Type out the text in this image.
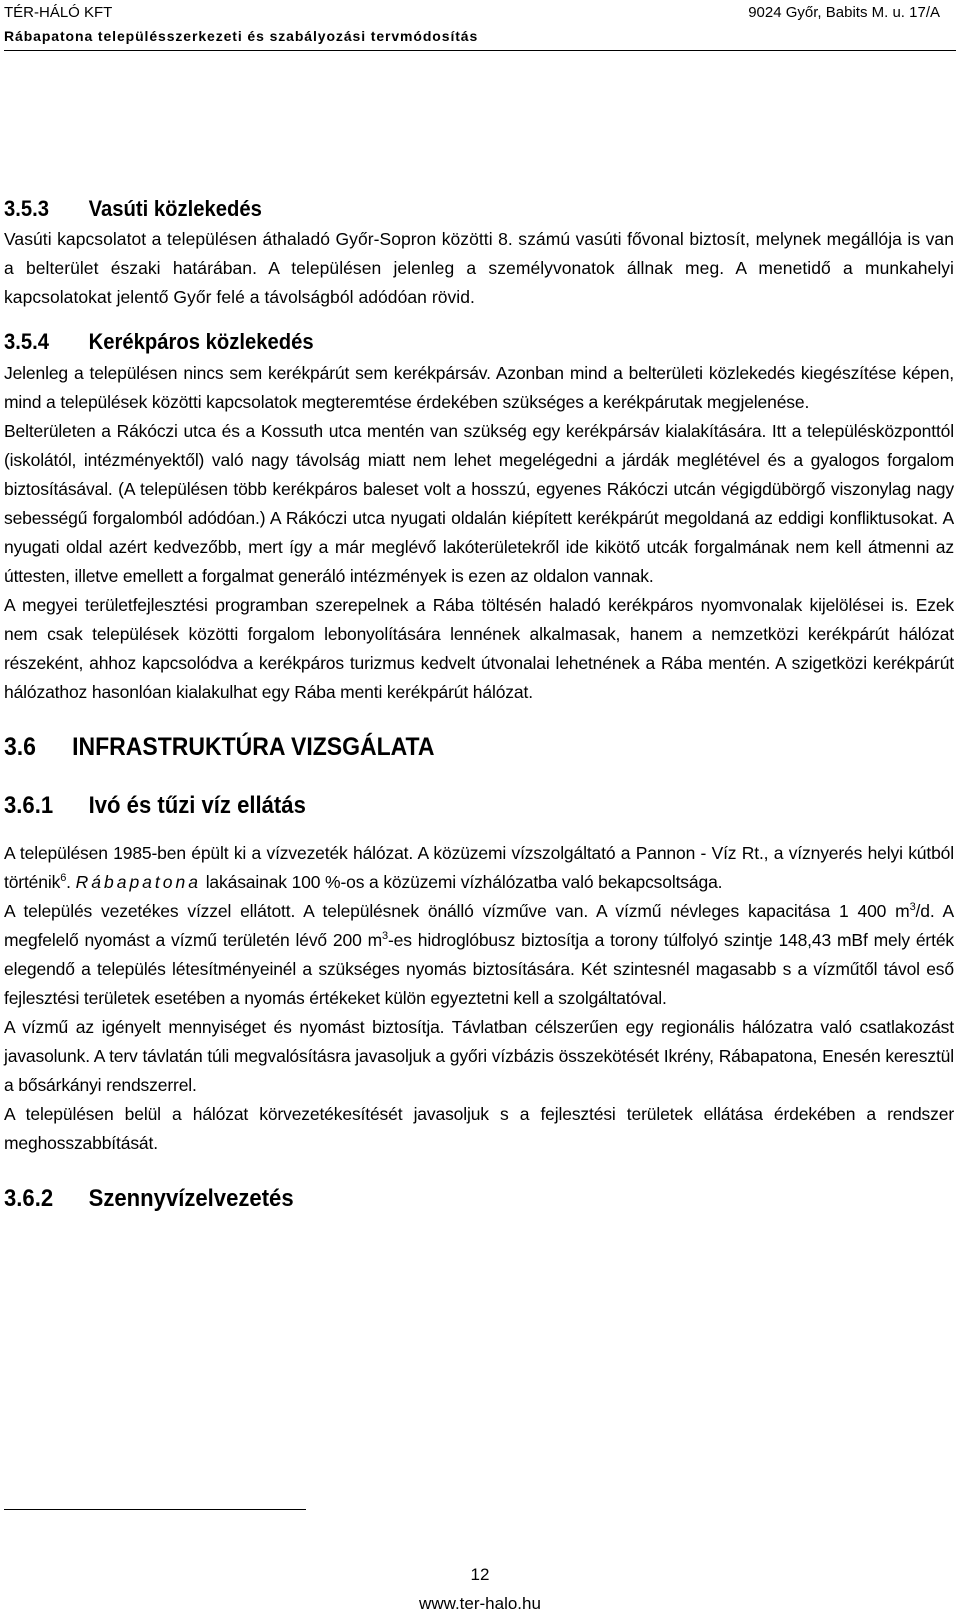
TÉR-HÁLÓ KFT	9024 Győr, Babits M. u. 17/A
Rábapatona településszerkezeti és szabályozási tervmódosítás
3.5.3	Vasúti közlekedés

Vasúti kapcsolatot a településen áthaladó Győr-Sopron közötti 8. számú vasúti fővonal biztosít, melynek megállója is van a belterület északi határában. A településen jelenleg a személyvonatok állnak meg. A menetidő a munkahelyi kapcsolatokat jelentő Győr felé a távolságból adódóan rövid.

3.5.4	Kerékpáros közlekedés

Jelenleg a településen nincs sem kerékpárút sem kerékpársáv. Azonban mind a belterületi közlekedés kiegészítése képen, mind a települések közötti kapcsolatok megteremtése érdekében szükséges a kerékpárutak megjelenése.

Belterületen a Rákóczi utca és a Kossuth utca mentén van szükség egy kerékpársáv kialakítására. Itt a településközponttól (iskolától, intézményektől) való nagy távolság miatt nem lehet megelégedni a járdák meglétével és a gyalogos forgalom biztosításával. (A településen több kerékpáros baleset volt a hosszú, egyenes Rákóczi utcán végigdübörgő viszonylag nagy sebességű forgalomból adódóan.) A Rákóczi utca nyugati oldalán kiépített kerékpárút megoldaná az eddigi konfliktusokat. A nyugati oldal azért kedvezőbb, mert így a már meglévő lakóterületekről ide kikötő utcák forgalmának nem kell átmenni az úttesten, illetve emellett a forgalmat generáló intézmények is ezen az oldalon vannak.

A megyei területfejlesztési programban szerepelnek a Rába töltésén haladó kerékpáros nyomvonalak kijelölései is. Ezek nem csak települések közötti forgalom lebonyolítására lennének alkalmasak, hanem a nemzetközi kerékpárút hálózat részeként, ahhoz kapcsolódva a kerékpáros turizmus kedvelt útvonalai lehetnének a Rába mentén. A szigetközi kerékpárút hálózathoz hasonlóan kialakulhat egy Rába menti kerékpárút hálózat.

3.6	INFRASTRUKTÚRA VIZSGÁLATA
3.6.1	Ivó és tűzi víz ellátás

A településen 1985-ben épült ki a vízvezeték hálózat. A közüzemi vízszolgáltató a Pannon - Víz Rt., a víznyerés helyi kútból történik$^6$. Rábapatona lakásainak 100 %-os a közüzemi vízhálózatba való bekapcsoltsága.

A település vezetékes vízzel ellátott. A településnek önálló vízműve van. A vízmű névleges kapacitása 1 400 $m^3/d$. A megfelelő nyomást a vízmű területén lévő 200 $m^3-es$ hidroglóbusz biztosítja a torony túlfolyó szintje 148,43 mBf mely érték elegendő a település létesítményeinél a szükséges nyomás biztosítására. Két szintesnél magasabb s a vízműtől távol eső fejlesztési területek esetében a nyomás értékeket külön egyeztetni kell a szolgáltatóval.

A vízmű az igényelt mennyiséget és nyomást biztosítja. Távlatban célszerűen egy regionális hálózatra való csatlakozást javasolunk. A terv távlatán túli megvalósításra javasoljuk a győri vízbázis összekötését Ikrény, Rábapatona, Enesén keresztül a bősárkányi rendszerrel.

A településen belül a hálózat körvezetékesítését javasoljuk s a fejlesztési területek ellátása érdekében a rendszer meghosszabbítását.

3.6.2	Szennyvízelvezetés
12
www.ter-halo.hu
